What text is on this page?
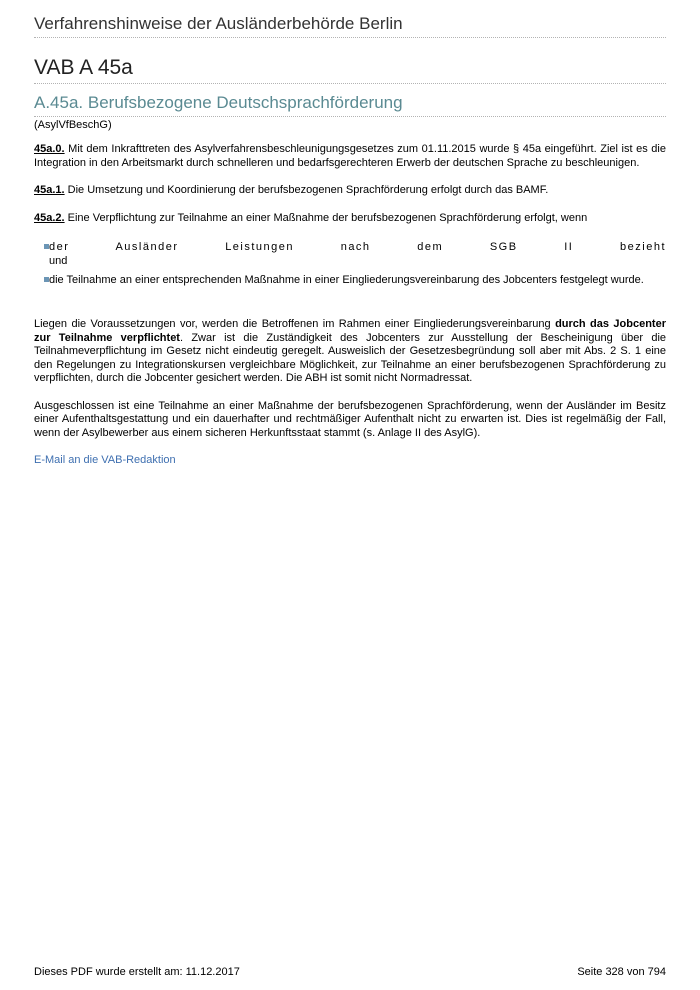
Verfahrenshinweise der Ausländerbehörde Berlin
VAB A 45a
A.45a. Berufsbezogene Deutschsprachförderung
(AsylVfBeschG)

45a.0. Mit dem Inkrafttreten des Asylverfahrensbeschleunigungsgesetzes zum 01.11.2015 wurde § 45a eingeführt. Ziel ist es die Integration in den Arbeitsmarkt durch schnelleren und bedarfsgerechteren Erwerb der deutschen Sprache zu beschleunigen.

45a.1. Die Umsetzung und Koordinierung der berufsbezogenen Sprachförderung erfolgt durch das BAMF.

45a.2. Eine Verpflichtung zur Teilnahme an einer Maßnahme der berufsbezogenen Sprachförderung erfolgt, wenn

der Ausländer Leistungen nach dem SGB II bezieht
und
die Teilnahme an einer entsprechenden Maßnahme in einer Eingliederungsvereinbarung des Jobcenters festgelegt wurde.

Liegen die Voraussetzungen vor, werden die Betroffenen im Rahmen einer Eingliederungsvereinbarung durch das Jobcenter zur Teilnahme verpflichtet. Zwar ist die Zuständigkeit des Jobcenters zur Ausstellung der Bescheinigung über die Teilnahmeverpflichtung im Gesetz nicht eindeutig geregelt. Ausweislich der Gesetzesbegründung soll aber mit Abs. 2 S. 1 eine den Regelungen zu Integrationskursen vergleichbare Möglichkeit, zur Teilnahme an einer berufsbezogenen Sprachförderung zu verpflichten, durch die Jobcenter gesichert werden. Die ABH ist somit nicht Normadressat.

Ausgeschlossen ist eine Teilnahme an einer Maßnahme der berufsbezogenen Sprachförderung, wenn der Ausländer im Besitz einer Aufenthaltsgestattung und ein dauerhafter und rechtmäßiger Aufenthalt nicht zu erwarten ist. Dies ist regelmäßig der Fall, wenn der Asylbewerber aus einem sicheren Herkunftsstaat stammt (s. Anlage II des AsylG).

E-Mail an die VAB-Redaktion
Dieses PDF wurde erstellt am: 11.12.2017	Seite 328 von 794
